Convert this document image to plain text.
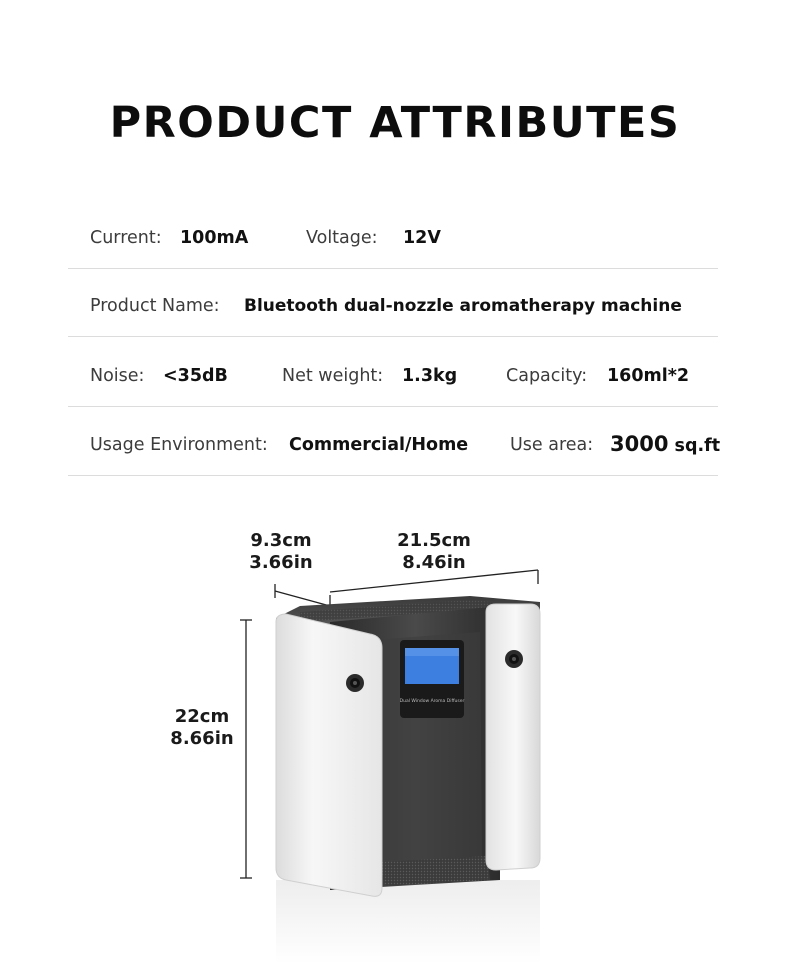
PRODUCT ATTRIBUTES
Current: 100mA	Voltage: 12V
Product Name: Bluetooth dual-nozzle aromatherapy machine
Noise: <35dB	Net weight: 1.3kg	Capacity: 160ml*2
Usage Environment: Commercial/Home Use area: 3000 sq.ft
9.3cm
3.66in
21.5cm
8.46in
22cm
8.66in
Dual Window Aroma Diffuser
